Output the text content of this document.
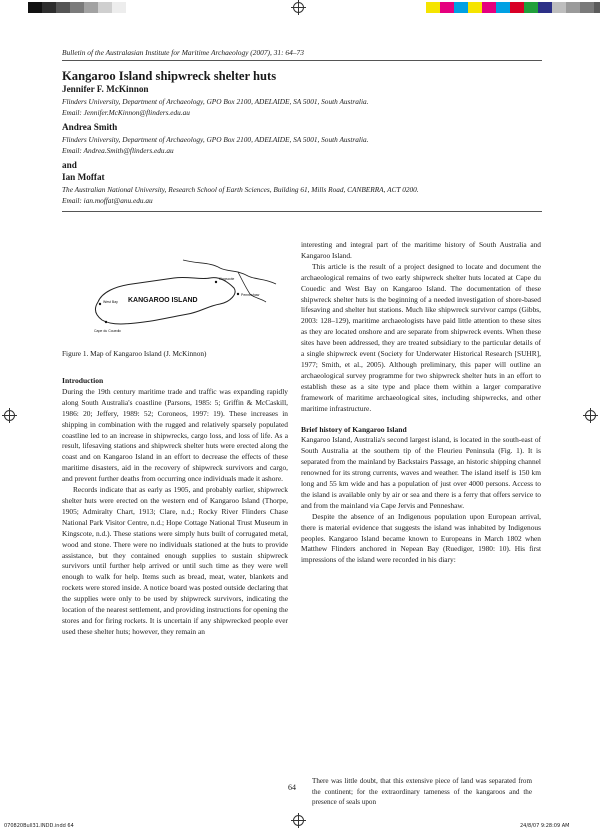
Bulletin of the Australasian Institute for Maritime Archaeology (2007), 31: 64–73
Kangaroo Island shipwreck shelter huts
Jennifer F. McKinnon
Flinders University, Department of Archaeology, GPO Box 2100, ADELAIDE, SA 5001, South Australia.
Email: Jennifer.McKinnon@flinders.edu.au
Andrea Smith
Flinders University, Department of Archaeology, GPO Box 2100, ADELAIDE, SA 5001, South Australia.
Email: Andrea.Smith@flinders.edu.au
and
Ian Moffat
The Australian National University, Research School of Earth Sciences, Building 61, Mills Road, CANBERRA, ACT 0200.
Email: ian.moffat@anu.edu.au
KANGAROO ISLAND
Kingscote
Penneshaw
West Bay
Cape du Couedic
Figure 1. Map of Kangaroo Island (J. McKinnon)
Introduction

During the 19th century maritime trade and traffic was expanding rapidly along South Australia's coastline (Parsons, 1985: 5; Griffin & McCaskill, 1986: 20; Jeffery, 1989: 52; Coroneos, 1997: 19). These increases in shipping in combination with the rugged and relatively sparsely populated coastline led to an increase in shipwrecks, cargo loss, and loss of life. As a result, lifesaving stations and shipwreck shelter huts were erected along the coast and on Kangaroo Island in an effort to decrease the effects of these maritime disasters, aid in the recovery of shipwreck survivors and cargo, and prevent further deaths from occurring once individuals made it ashore.

Records indicate that as early as 1905, and probably earlier, shipwreck shelter huts were erected on the western end of Kangaroo Island (Thorpe, 1905; Admiralty Chart, 1913; Clare, n.d.; Rocky River Flinders Chase National Park Visitor Centre, n.d.; Hope Cottage National Trust Museum in Kingscote, n.d.). These stations were simply huts built of corrugated metal, wood and stone. There were no individuals stationed at the huts to provide assistance, but they contained enough supplies to sustain shipwreck survivors until further help arrived or until such time as they were well enough to walk for help. Items such as bread, meat, water, blankets and rockets were stored inside. A notice board was posted outside declaring that the supplies were only to be used by shipwreck survivors, indicating the location of the nearest settlement, and providing instructions for opening the stores and for firing rockets. It is uncertain if any shipwrecked people ever used these shelter huts; however, they remain an

interesting and integral part of the maritime history of South Australia and Kangaroo Island.

This article is the result of a project designed to locate and document the archaeological remains of two early shipwreck shelter huts located at Cape du Couedic and West Bay on Kangaroo Island. The documentation of these shipwreck shelter huts is the beginning of a needed investigation of shore-based lifesaving and shelter hut stations. Much like shipwreck survivor camps (Gibbs, 2003: 128–129), maritime archaeologists have paid little attention to these sites as they are located onshore and are separate from shipwreck events. When these sites have been addressed, they are treated subsidiary to the particular details of a single shipwreck event (Society for Underwater Historical Research [SUHR], 1977; Smith, et al., 2005). Although preliminary, this paper will outline an archaeological survey programme for two shipwreck shelter huts in an effort to establish these as a site type and place them within a larger comparative framework of maritime archaeological sites, including shipwrecks, and other maritime infrastructure.

Brief history of Kangaroo Island

Kangaroo Island, Australia's second largest island, is located in the south-east of South Australia at the southern tip of the Fleurieu Peninsula (Fig. 1). It is separated from the mainland by Backstairs Passage, an historic shipping channel renowned for its strong currents, waves and weather. The island itself is 150 km long and 55 km wide and has a population of just over 4000 persons. Access to the island is available only by air or sea and there is a ferry that offers service to and from the mainland via Cape Jervis and Penneshaw.

Despite the absence of an Indigenous population upon European arrival, there is material evidence that suggests the island was inhabited by Indigenous peoples. Kangaroo Island became known to Europeans in March 1802 when Matthew Flinders anchored in Nepean Bay (Ruediger, 1980: 10). His first impressions of the island were recorded in his diary:

There was little doubt, that this extensive piece of land was separated from the continent; for the extraordinary tameness of the kangaroos and the presence of seals upon
64
070820Bull31.INDD.indd 64	24/8/07 9:28:09 AM
